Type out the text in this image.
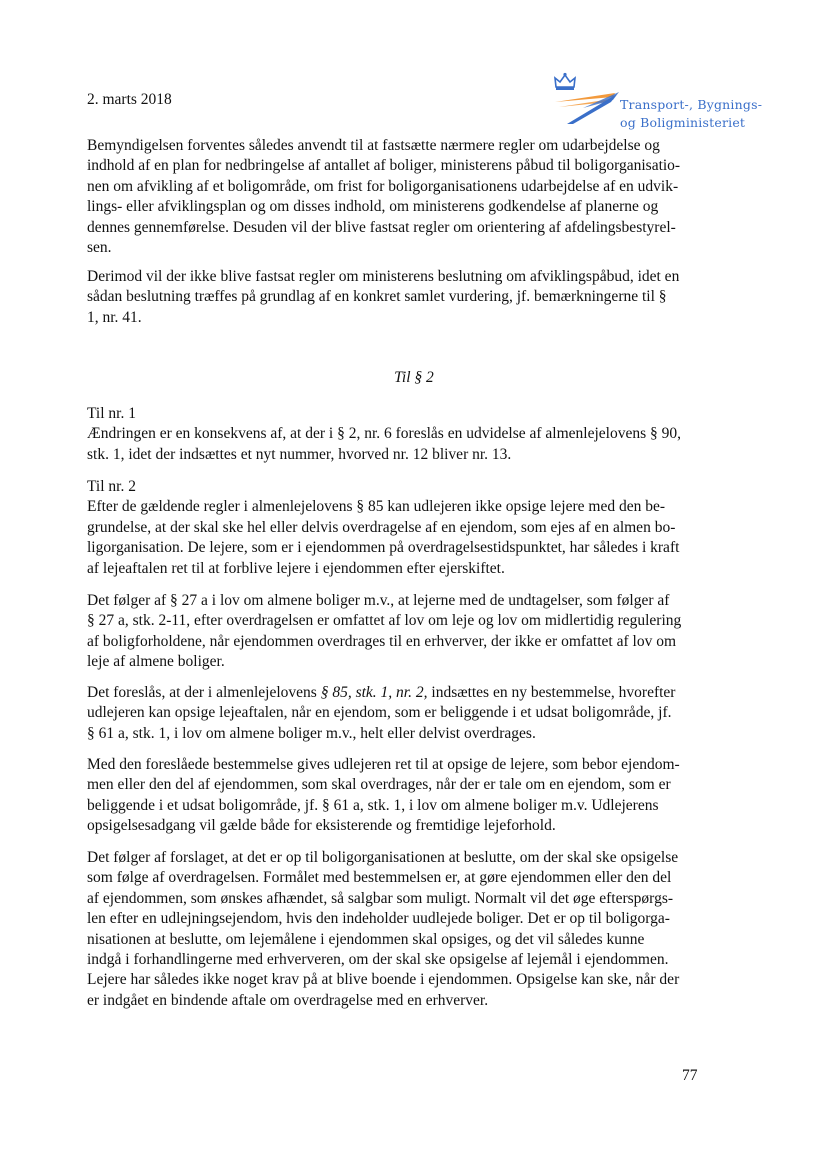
2. marts 2018	Transport-, Bygnings-
og Boligministeriet

Bemyndigelsen forventes således anvendt til at fastsætte nærmere regler om udarbejdelse og

indhold af en plan for nedbringelse af antallet af boliger, ministerens påbud til boligorganisatio-

nen om afvikling af et boligområde, om frist for boligorganisationens udarbejdelse af en udvik-

lings- eller afviklingsplan og om disses indhold, om ministerens godkendelse af planerne og

dennes gennemførelse. Desuden vil der blive fastsat regler om orientering af afdelingsbestyrel-

sen.

Derimod vil der ikke blive fastsat regler om ministerens beslutning om afviklingspåbud, idet en

sådan beslutning træffes på grundlag af en konkret samlet vurdering, jf. bemærkningerne til §

1, nr. 41.

Til § 2

Til nr. 1

Ændringen er en konsekvens af, at der i § 2, nr. 6 foreslås en udvidelse af almenlejelovens § 90,

stk. 1, idet der indsættes et nyt nummer, hvorved nr. 12 bliver nr. 13.

Til nr. 2

Efter de gældende regler i almenlejelovens § 85 kan udlejeren ikke opsige lejere med den be-

grundelse, at der skal ske hel eller delvis overdragelse af en ejendom, som ejes af en almen bo-

ligorganisation. De lejere, som er i ejendommen på overdragelsestidspunktet, har således i kraft

af lejeaftalen ret til at forblive lejere i ejendommen efter ejerskiftet.

Det følger af § 27 a i lov om almene boliger m.v., at lejerne med de undtagelser, som følger af

§ 27 a, stk. 2-11, efter overdragelsen er omfattet af lov om leje og lov om midlertidig regulering

af boligforholdene, når ejendommen overdrages til en erhverver, der ikke er omfattet af lov om

leje af almene boliger.

Det foreslås, at der i almenlejelovens § 85, stk. 1, nr. 2, indsættes en ny bestemmelse, hvorefter

udlejeren kan opsige lejeaftalen, når en ejendom, som er beliggende i et udsat boligområde, jf.

§ 61 a, stk. 1, i lov om almene boliger m.v., helt eller delvist overdrages.

Med den foreslåede bestemmelse gives udlejeren ret til at opsige de lejere, som bebor ejendom-

men eller den del af ejendommen, som skal overdrages, når der er tale om en ejendom, som er

beliggende i et udsat boligområde, jf. § 61 a, stk. 1, i lov om almene boliger m.v. Udlejerens

opsigelsesadgang vil gælde både for eksisterende og fremtidige lejeforhold.

Det følger af forslaget, at det er op til boligorganisationen at beslutte, om der skal ske opsigelse

som følge af overdragelsen. Formålet med bestemmelsen er, at gøre ejendommen eller den del

af ejendommen, som ønskes afhændet, så salgbar som muligt. Normalt vil det øge efterspørgs-

len efter en udlejningsejendom, hvis den indeholder uudlejede boliger. Det er op til boligorga-

nisationen at beslutte, om lejemålene i ejendommen skal opsiges, og det vil således kunne

indgå i forhandlingerne med erhververen, om der skal ske opsigelse af lejemål i ejendommen.

Lejere har således ikke noget krav på at blive boende i ejendommen. Opsigelse kan ske, når der

er indgået en bindende aftale om overdragelse med en erhverver.

77
